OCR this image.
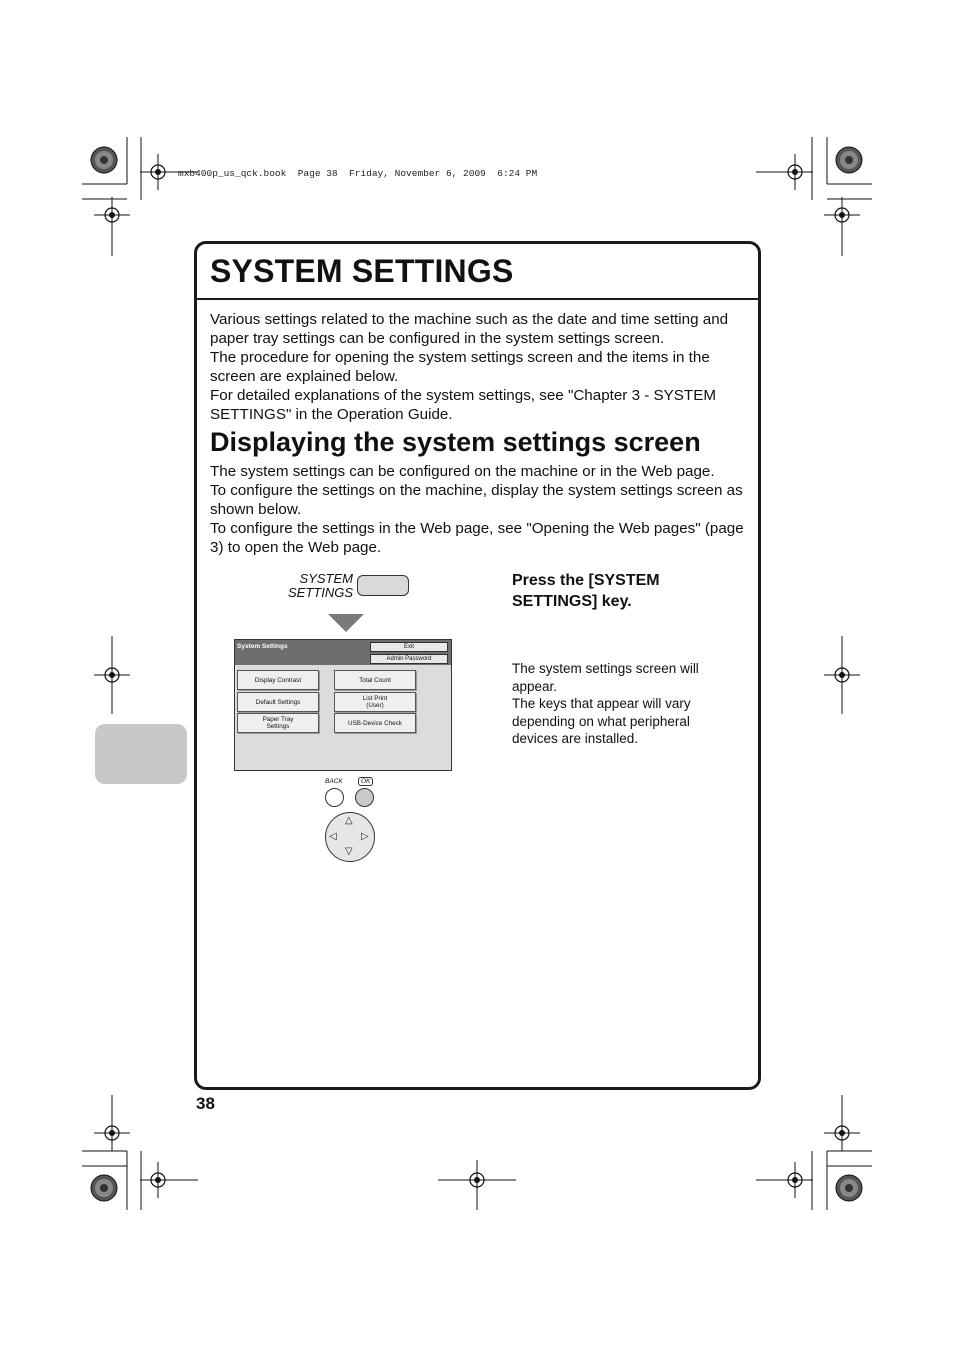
mxb400p_us_qck.book  Page 38  Friday, November 6, 2009  6:24 PM
SYSTEM SETTINGS
Various settings related to the machine such as the date and time setting and paper tray settings can be configured in the system settings screen.
The procedure for opening the system settings screen and the items in the screen are explained below.
For detailed explanations of the system settings, see "Chapter 3 - SYSTEM SETTINGS" in the Operation Guide.
Displaying the system settings screen
The system settings can be configured on the machine or in the Web page.
To configure the settings on the machine, display the system settings screen as shown below.
To configure the settings in the Web page, see "Opening the Web pages" (page 3) to open the Web page.
SYSTEM SETTINGS
System Settings	Exit
Admin Password
Display Contrast	Total Count
Default Settings	List Print
(User)
Paper Tray
Settings	USB-Device Check
BACK	OK
△
▽
◁ ▷

Press the [SYSTEM SETTINGS] key.

The system settings screen will appear.
The keys that appear will vary depending on what peripheral devices are installed.

38
